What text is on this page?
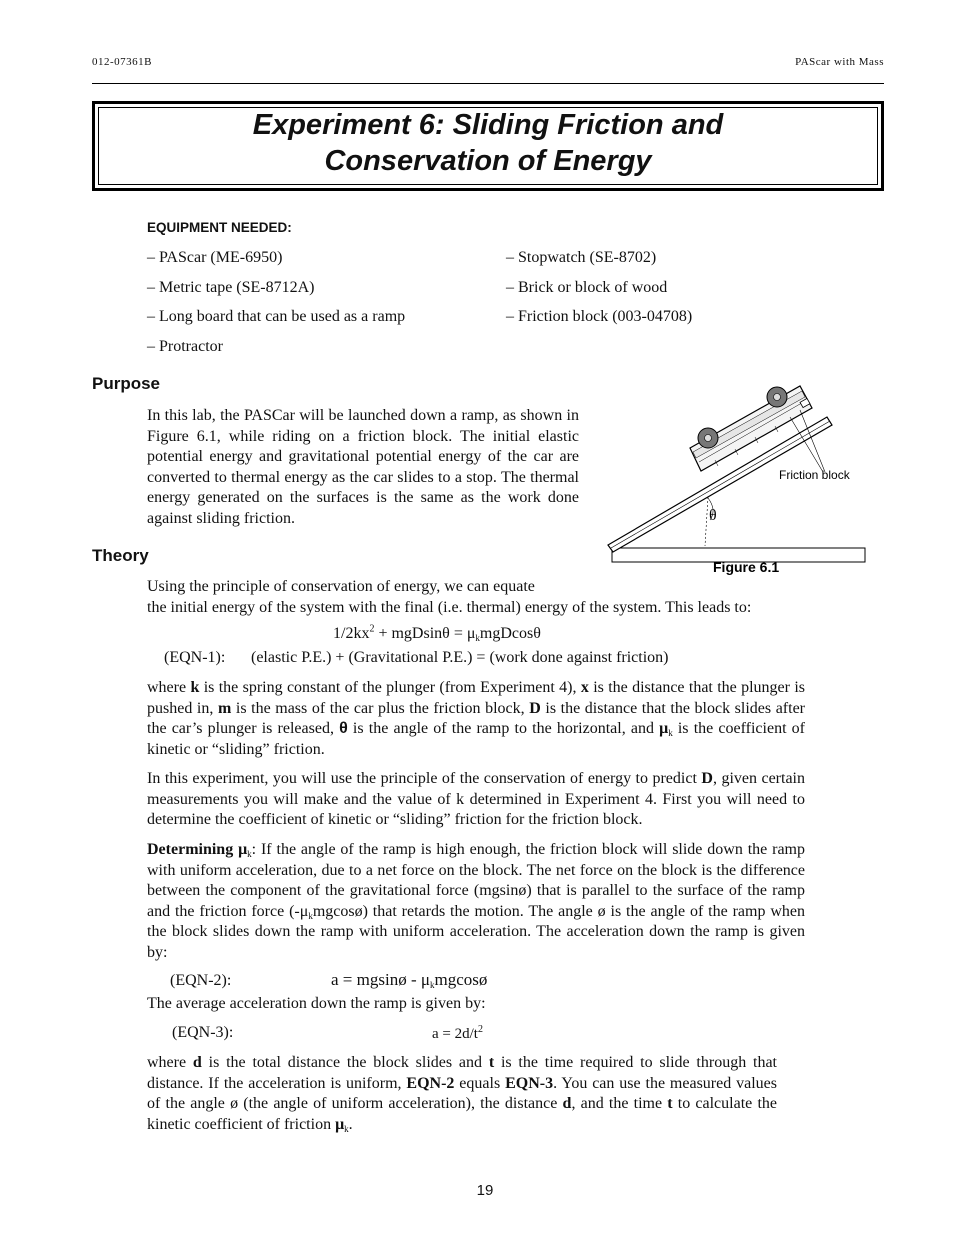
012-07361B	PAScar with Mass
Experiment 6: Sliding Friction and
Conservation of Energy
EQUIPMENT NEEDED:
– PAScar (ME-6950)
– Metric tape (SE-8712A)
– Long board that can be used as a ramp
– Protractor
– Stopwatch (SE-8702)
– Brick or block of wood
– Friction block (003-04708)
Purpose
In this lab, the PASCar will be launched down a ramp, as shown in Figure 6.1, while riding on a friction block. The initial elastic potential energy and gravitational potential energy of the car are converted to thermal energy as the car slides to a stop. The thermal energy generated on the surfaces is the same as the work done against sliding friction.
Friction block
θ
Figure 6.1
Theory
Using the principle of conservation of energy, we can equate
the initial energy of the system with the final (i.e. thermal) energy of the system. This leads to:
$1/2kx^2 + mgDsin\theta = \mu_kmgDcos\theta$
(EQN-1): (elastic P.E.) + (Gravitational P.E.) = (work done against friction)
where k is the spring constant of the plunger (from Experiment 4), x is the distance that the plunger is pushed in, m is the mass of the car plus the friction block, D is the distance that the block slides after the car’s plunger is released, θ is the angle of the ramp to the horizontal, and $\mu_k$ is the coefficient of kinetic or “sliding” friction.
In this experiment, you will use the principle of the conservation of energy to predict D, given certain measurements you will make and the value of k determined in Experiment 4. First you will need to determine the coefficient of kinetic or “sliding” friction for the friction block.
Determining $\mu_k$: If the angle of the ramp is high enough, the friction block will slide down the ramp with uniform acceleration, due to a net force on the block. The net force on the block is the difference between the component of the gravitational force (mgsinø) that is parallel to the surface of the ramp and the friction force $(-\mu_kmgcosø)$ that retards the motion. The angle ø is the angle of the ramp when the block slides down the ramp with uniform acceleration. The acceleration down the ramp is given by:
(EQN-2):	a = mgsinø - $\mu_kmgcosø$
The average acceleration down the ramp is given by:
(EQN-3):	$a = 2d/t^2$
where d is the total distance the block slides and t is the time required to slide through that distance. If the acceleration is uniform, EQN-2 equals EQN-3. You can use the measured values of the angle ø (the angle of uniform acceleration), the distance d, and the time t to calculate the kinetic coefficient of friction $\mu_k$.
19
